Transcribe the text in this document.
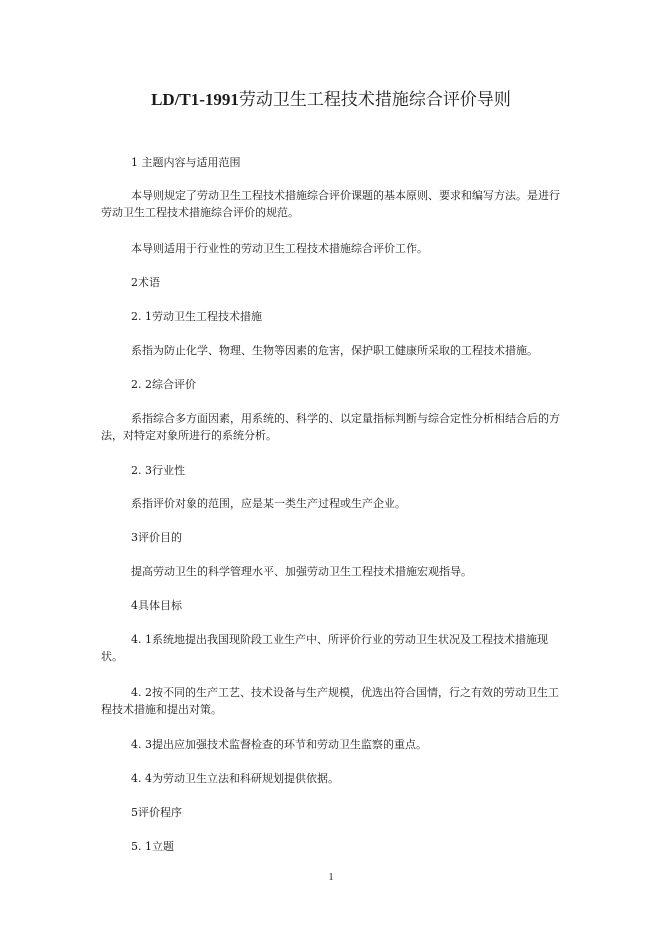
LD/T1-1991劳动卫生工程技术措施综合评价导则

1 主题内容与适用范围

本导则规定了劳动卫生工程技术措施综合评价课题的基本原则、要求和编写方法。是进行劳动卫生工程技术措施综合评价的规范。

本导则适用于行业性的劳动卫生工程技术措施综合评价工作。

2术语

2. 1劳动卫生工程技术措施

系指为防止化学、物理、生物等因素的危害，保护职工健康所采取的工程技术措施。

2. 2综合评价

系指综合多方面因素，用系统的、科学的、以定量指标判断与综合定性分析相结合后的方法，对特定对象所进行的系统分析。

2. 3行业性

系指评价对象的范围，应是某一类生产过程或生产企业。

3评价目的

提高劳动卫生的科学管理水平、加强劳动卫生工程技术措施宏观指导。

4具体目标

4. 1系统地提出我国现阶段工业生产中、所评价行业的劳动卫生状况及工程技术措施现状。

4. 2按不同的生产工艺、技术设备与生产规模，优选出符合国情，行之有效的劳动卫生工程技术措施和提出对策。

4. 3提出应加强技术监督检查的环节和劳动卫生监察的重点。

4. 4为劳动卫生立法和科研规划提供依据。

5评价程序

5. 1立题

1
